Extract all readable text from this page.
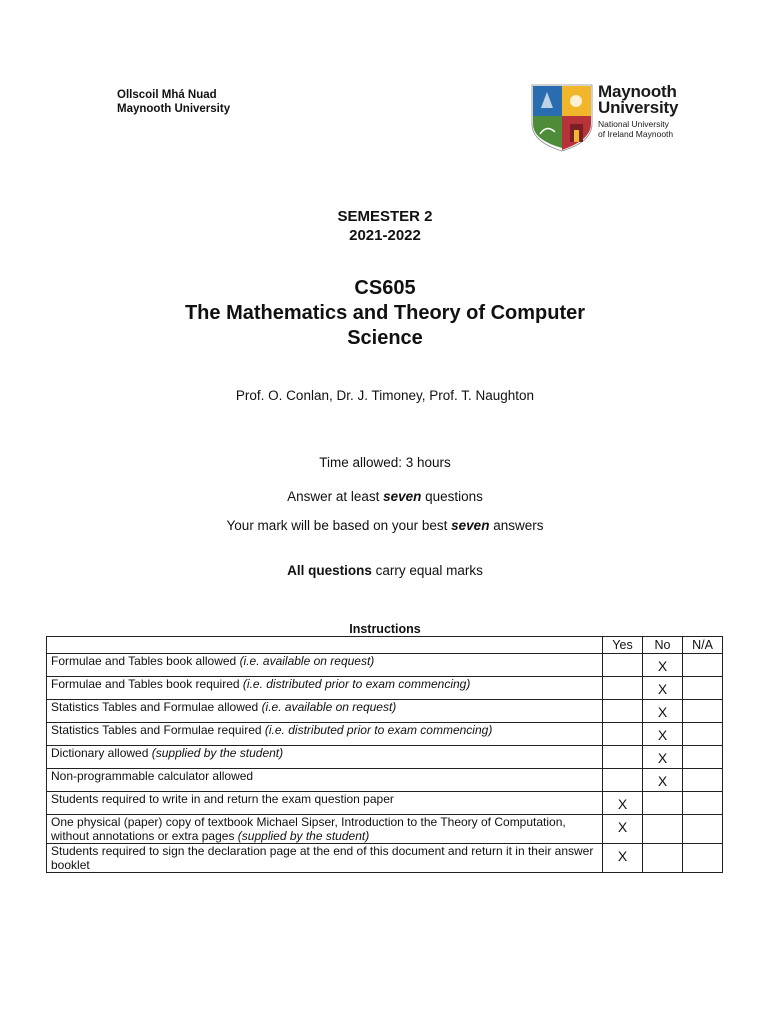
Ollscoil Mhá Nuad
Maynooth University
Maynooth
University
National University
of Ireland Maynooth
SEMESTER 2
2021-2022
CS605
The Mathematics and Theory of Computer
Science
Prof. O. Conlan, Dr. J. Timoney, Prof. T. Naughton
Time allowed: 3 hours
Answer at least seven questions
Your mark will be based on your best seven answers
All questions carry equal marks
Instructions
	Yes	No	N/A
Formulae and Tables book allowed (i.e. available on request)		X	
Formulae and Tables book required (i.e. distributed prior to exam commencing)		X	
Statistics Tables and Formulae allowed (i.e. available on request)		X	
Statistics Tables and Formulae required (i.e. distributed prior to exam commencing)		X	
Dictionary allowed (supplied by the student)		X	
Non-programmable calculator allowed		X	
Students required to write in and return the exam question paper	X		
One physical (paper) copy of textbook Michael Sipser, Introduction to the Theory of Computation, without annotations or extra pages (supplied by the student)	X		
Students required to sign the declaration page at the end of this document and return it in their answer booklet	X		
